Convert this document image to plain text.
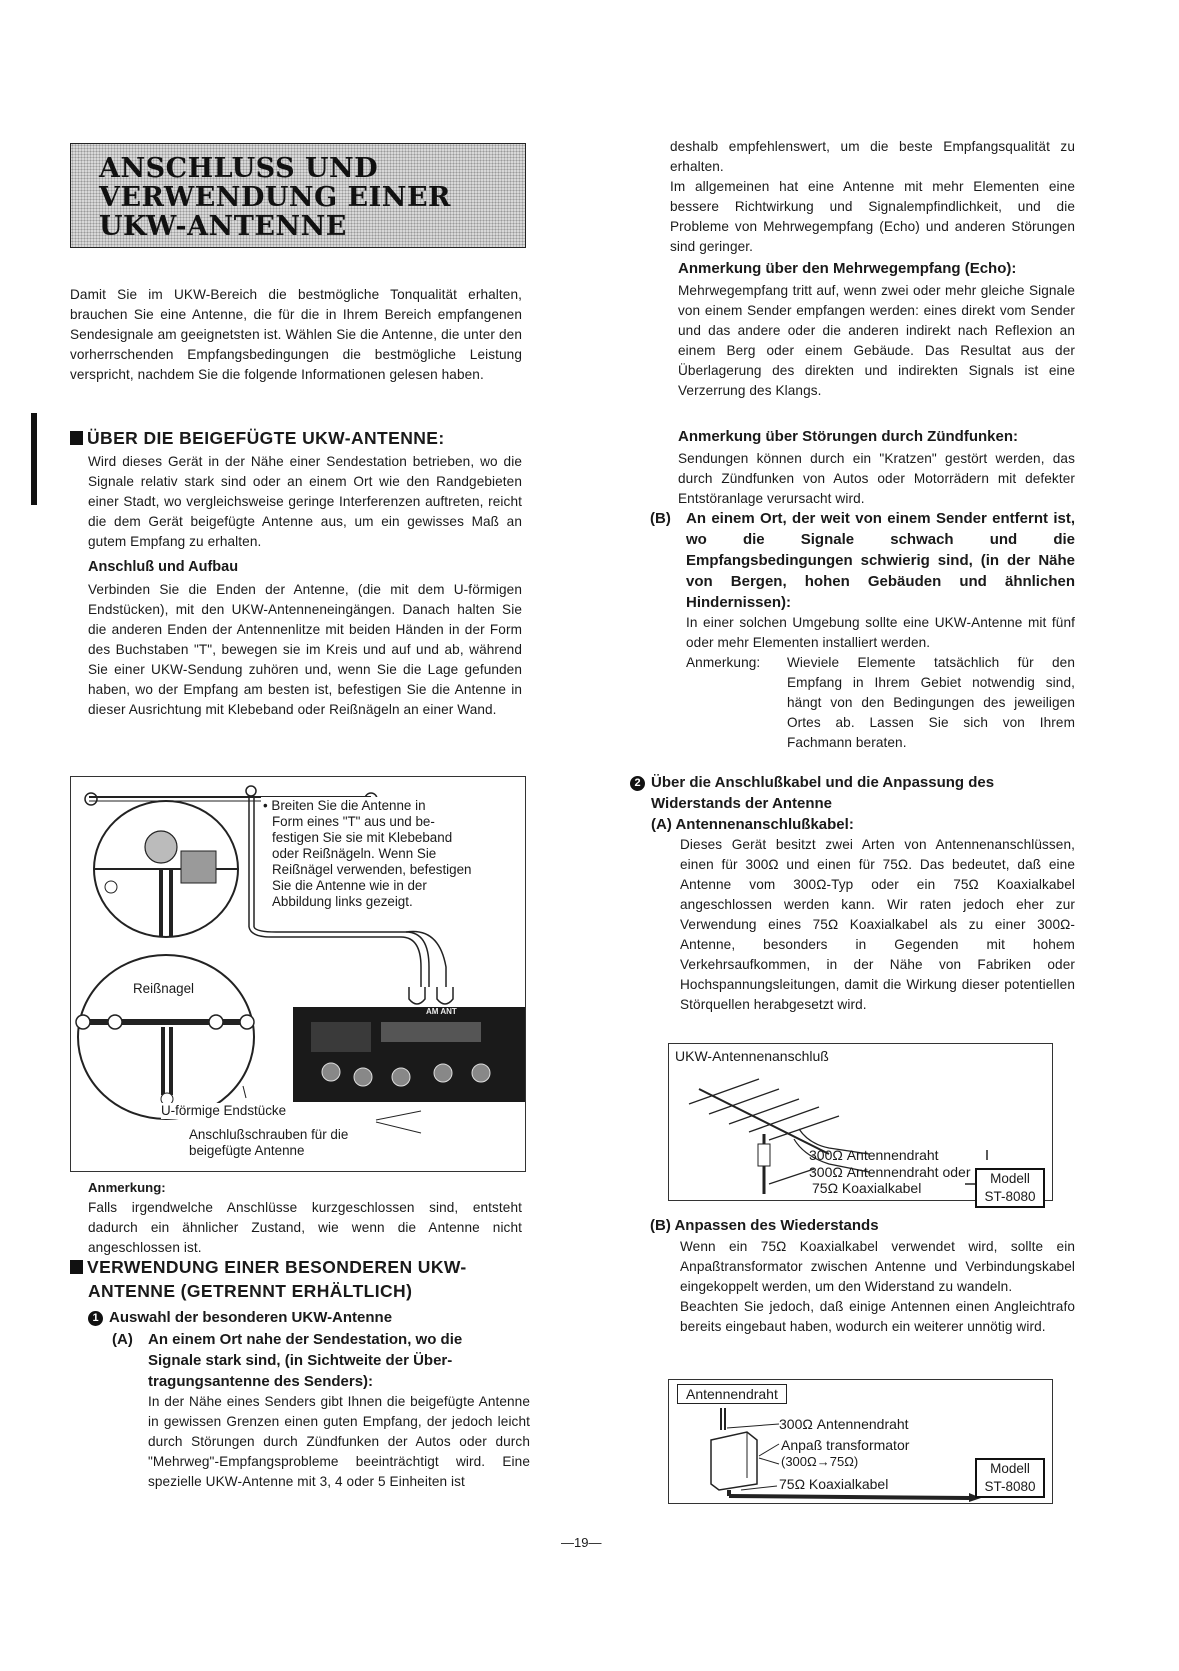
ANSCHLUSS UND
VERWENDUNG EINER
UKW-ANTENNE

Damit Sie im UKW-Bereich die bestmögliche Tonqualität erhalten, brauchen Sie eine Antenne, die für die in Ihrem Bereich empfangenen Sendesignale am geeignetsten ist. Wählen Sie die Antenne, die unter den vorherrschenden Empfangsbedingungen die bestmögliche Leistung verspricht, nachdem Sie die folgende Informationen gelesen haben.

ÜBER DIE BEIGEFÜGTE UKW-ANTENNE:

Wird dieses Gerät in der Nähe einer Sendestation betrieben, wo die Signale relativ stark sind oder an einem Ort wie den Randgebieten einer Stadt, wo vergleichsweise geringe Interferenzen auftreten, reicht die dem Gerät beigefügte Antenne aus, um ein gewisses Maß an gutem Empfang zu erhalten.

Anschluß und Aufbau

Verbinden Sie die Enden der Antenne, (die mit dem U-förmigen Endstücken), mit den UKW-Antenneneingängen. Danach halten Sie die anderen Enden der Antennenlitze mit beiden Händen in der Form des Buchstaben "T", bewegen sie im Kreis und auf und ab, während Sie einer UKW-Sendung zuhören und, wenn Sie die Lage gefunden haben, wo der Empfang am besten ist, befestigen Sie die Antenne in dieser Ausrichtung mit Klebeband oder Reißnägeln an einer Wand.

• Breiten Sie die Antenne in
Form eines "T" aus und be-
festigen Sie sie mit Klebeband
oder Reißnägeln. Wenn Sie
Reißnägel verwenden, befestigen
Sie die Antenne wie in der
Abbildung links gezeigt.
Reißnagel
AM ANT
U-förmige Endstücke
Anschlußschrauben für die
beigefügte Antenne
Anmerkung:

Falls irgendwelche Anschlüsse kurzgeschlossen sind, entsteht dadurch ein ähnlicher Zustand, wie wenn die Antenne nicht angeschlossen ist.

VERWENDUNG EINER BESONDEREN UKW-
ANTENNE (GETRENNT ERHÄLTLICH)
1 Auswahl der besonderen UKW-Antenne
(A)	An einem Ort nahe der Sendestation, wo die
Signale stark sind, (in Sichtweite der Über-
tragungsantenne des Senders):

In der Nähe eines Senders gibt Ihnen die beigefügte Antenne in gewissen Grenzen einen guten Empfang, der jedoch leicht durch Störungen durch Zündfunken der Autos oder durch "Mehrweg"-Empfangsprobleme beeinträchtigt wird. Eine spezielle UKW-Antenne mit 3, 4 oder 5 Einheiten ist

deshalb empfehlenswert, um die beste Empfangsqualität zu erhalten.

Im allgemeinen hat eine Antenne mit mehr Elementen eine bessere Richtwirkung und Signalempfindlichkeit, und die Probleme von Mehrwegempfang (Echo) und anderen Störungen sind geringer.

Anmerkung über den Mehrwegempfang (Echo):

Mehrwegempfang tritt auf, wenn zwei oder mehr gleiche Signale von einem Sender empfangen werden: eines direkt vom Sender und das andere oder die anderen indirekt nach Reflexion an einem Berg oder einem Gebäude. Das Resultat aus der Überlagerung des direkten und indirekten Signals ist eine Verzerrung des Klangs.

Anmerkung über Störungen durch Zündfunken:

Sendungen können durch ein "Kratzen" gestört werden, das durch Zündfunken von Autos oder Motorrädern mit defekter Entstöranlage verursacht wird.

(B)	An einem Ort, der weit von einem Sender entfernt ist, wo die Signale schwach und die Empfangsbedingungen schwierig sind, (in der Nähe von Bergen, hohen Gebäuden und ähnlichen Hindernissen):

In einer solchen Umgebung sollte eine UKW-Antenne mit fünf oder mehr Elementen installiert werden.

Anmerkung:	Wieviele Elemente tatsächlich für den Empfang in Ihrem Gebiet notwendig sind, hängt von den Bedingungen des jeweiligen Ortes ab. Lassen Sie sich von Ihrem Fachmann beraten.

2 Über die Anschlußkabel und die Anpassung des
Widerstands der Antenne
(A) Antennenanschlußkabel:

Dieses Gerät besitzt zwei Arten von Antennenanschlüssen, einen für 300Ω und einen für 75Ω. Das bedeutet, daß eine Antenne vom 300Ω-Typ oder ein 75Ω Koaxialkabel angeschlossen werden kann. Wir raten jedoch eher zur Verwendung eines 75Ω Koaxialkabel als zu einer 300Ω-Antenne, besonders in Gegenden mit hohem Verkehrsaufkommen, in der Nähe von Fabriken oder Hochspannungsleitungen, damit die Wirkung dieser potentiellen Störquellen herabgesetzt wird.

UKW-Antennenanschluß
300Ω Antennendraht
300Ω Antennendraht oder
75Ω Koaxialkabel
Modell
ST-8080
(B) Anpassen des Wiederstands

Wenn ein 75Ω Koaxialkabel verwendet wird, sollte ein Anpaßtransformator zwischen Antenne und Verbindungskabel eingekoppelt werden, um den Widerstand zu wandeln.

Beachten Sie jedoch, daß einige Antennen einen Angleichtrafo bereits eingebaut haben, wodurch ein weiterer unnötig wird.

Antennendraht
300Ω Antennendraht
Anpaß transformator
(300Ω→75Ω)
75Ω Koaxialkabel
Modell
ST-8080
—19—
